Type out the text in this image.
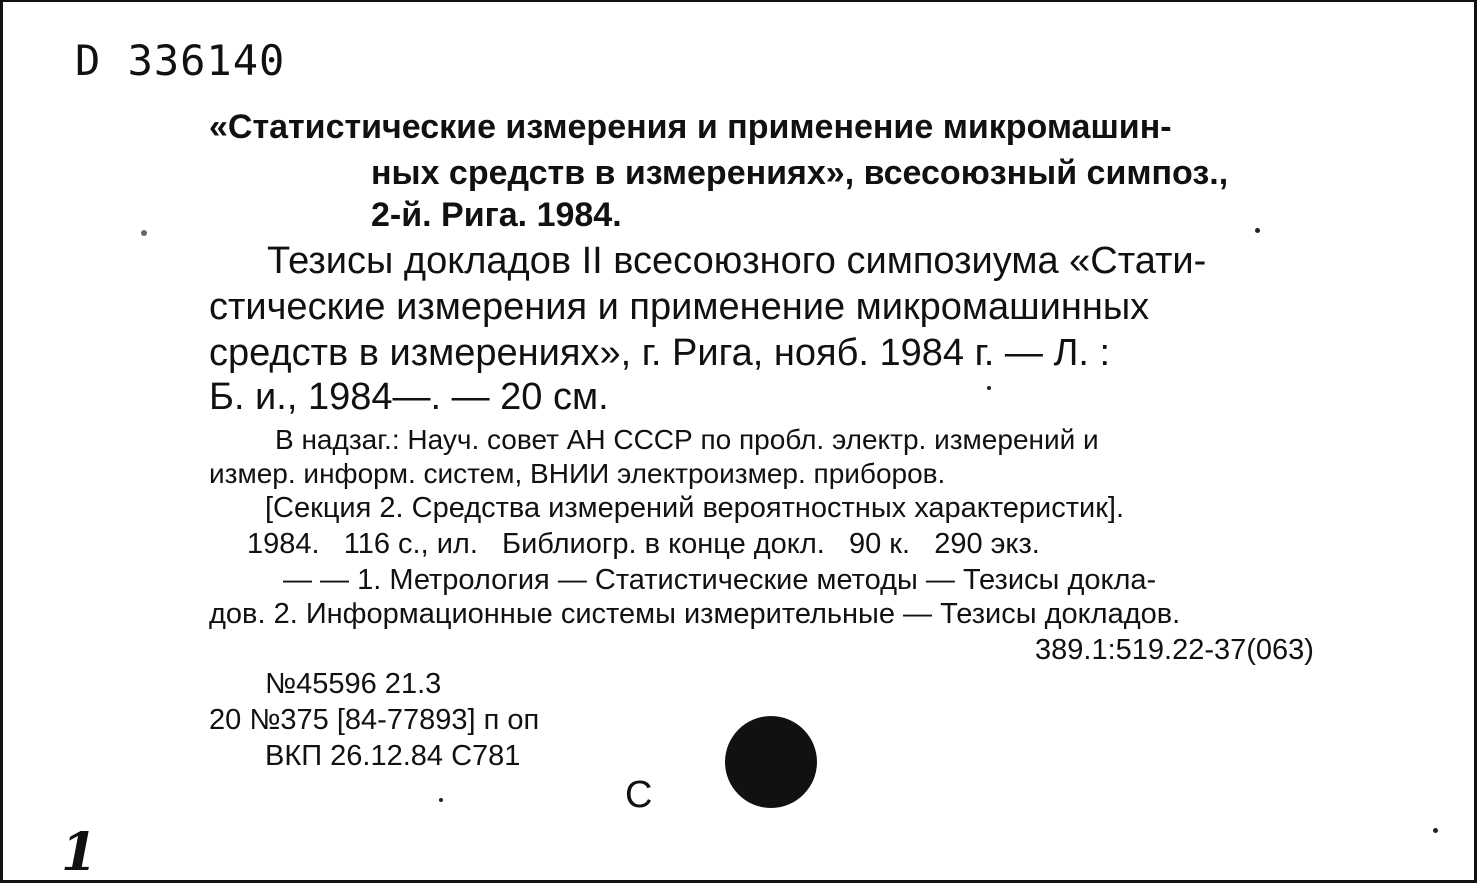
D 336140
«Статистические измерения и применение микромашин-
ных средств в измерениях», всесоюзный симпоз.,
2-й. Рига. 1984.
Тезисы докладов II всесоюзного симпозиума «Стати-
стические измерения и применение микромашинных
средств в измерениях», г. Рига, нояб. 1984 г. — Л. :
Б. и., 1984—. — 20 см.
В надзаг.: Науч. совет АН СССР по пробл. электр. измерений и
измер. информ. систем, ВНИИ электроизмер. приборов.
[Секция 2. Средства измерений вероятностных характеристик].
1984.   116 с., ил.   Библиогр. в конце докл.   90 к.   290 экз.
— — 1. Метрология — Статистические методы — Тезисы докла-
дов. 2. Информационные системы измерительные — Тезисы докладов.
389.1:519.22-37(063)
№45596 21.3
20 №375 [84-77893] п оп
ВКП 26.12.84 С781
С
1
